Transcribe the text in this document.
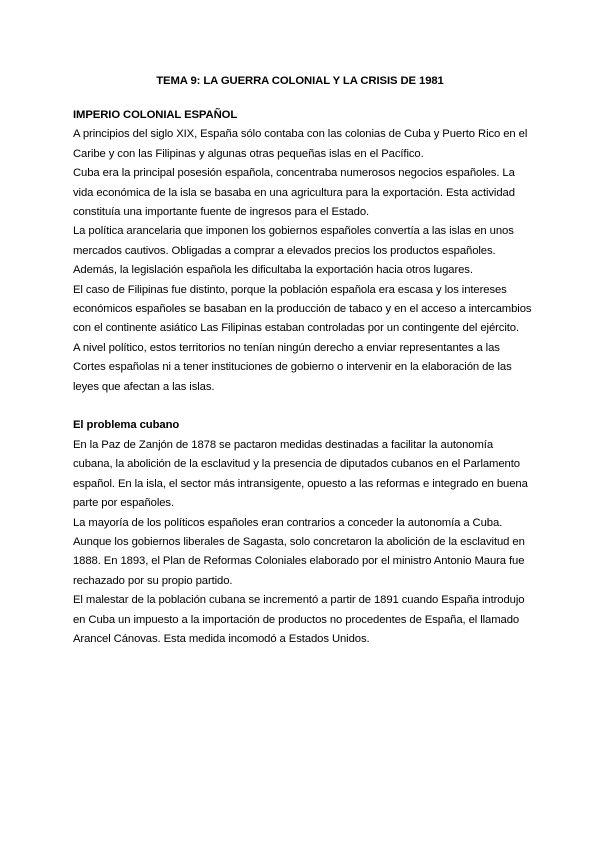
TEMA 9: LA GUERRA COLONIAL Y LA CRISIS DE 1981

IMPERIO COLONIAL ESPAÑOL

A principios del siglo XIX, España sólo contaba con las colonias de Cuba y Puerto Rico en el Caribe y con las Filipinas y algunas otras pequeñas islas en el Pacífico.

Cuba era la principal posesión española, concentraba numerosos negocios españoles. La vida económica de la isla se basaba en una agricultura para la exportación. Esta actividad constituía una importante fuente de ingresos para el Estado.

La política arancelaria que imponen los gobiernos españoles convertía a las islas en unos mercados cautivos. Obligadas a comprar a elevados precios los productos españoles. Además, la legislación española les dificultaba la exportación hacia otros lugares.

El caso de Filipinas fue distinto, porque la población española era escasa y los intereses económicos españoles se basaban en la producción de tabaco y en el acceso a intercambios con el continente asiático Las Filipinas estaban controladas por un contingente del ejército.

A nivel político, estos territorios no tenían ningún derecho a enviar representantes a las Cortes españolas ni a tener instituciones de gobierno o intervenir en la elaboración de las leyes que afectan a las islas.

El problema cubano

En la Paz de Zanjón de 1878 se pactaron medidas destinadas a facilitar la autonomía cubana, la abolición de la esclavitud y la presencia de diputados cubanos en el Parlamento español. En la isla, el sector más intransigente, opuesto a las reformas e integrado en buena parte por españoles.

La mayoría de los políticos españoles eran contrarios a conceder la autonomía a Cuba. Aunque los gobiernos liberales de Sagasta, solo concretaron la abolición de la esclavitud en 1888. En 1893, el Plan de Reformas Coloniales elaborado por el ministro Antonio Maura fue rechazado por su propio partido.

El malestar de la población cubana se incrementó a partir de 1891 cuando España introdujo en Cuba un impuesto a la importación de productos no procedentes de España, el llamado Arancel Cánovas. Esta medida incomodó a Estados Unidos.
